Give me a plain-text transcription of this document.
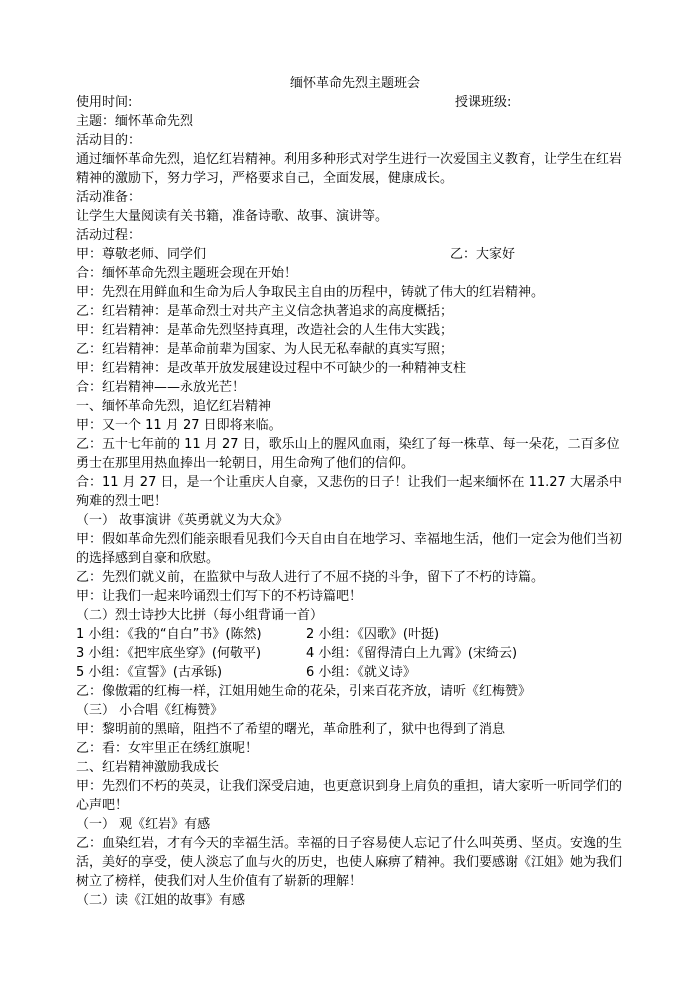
缅怀革命先烈主题班会
使用时间:	授课班级:
主题：缅怀革命先烈
活动目的：
通过缅怀革命先烈，追忆红岩精神。利用多种形式对学生进行一次爱国主义教育，让学生在红岩精神的激励下，努力学习，严格要求自己，全面发展，健康成长。
活动准备：
让学生大量阅读有关书籍，准备诗歌、故事、演讲等。
活动过程：
甲：尊敬老师、同学们	乙：大家好
合：缅怀革命先烈主题班会现在开始！
甲：先烈在用鲜血和生命为后人争取民主自由的历程中，铸就了伟大的红岩精神。
乙：红岩精神：是革命烈士对共产主义信念执著追求的高度概括；
甲：红岩精神：是革命先烈坚持真理，改造社会的人生伟大实践；
乙：红岩精神：是革命前辈为国家、为人民无私奉献的真实写照；
甲：红岩精神：是改革开放发展建设过程中不可缺少的一种精神支柱
合：红岩精神——永放光芒！
一、缅怀革命先烈，追忆红岩精神
甲：又一个 11 月 27 日即将来临。
乙：五十七年前的 11 月 27 日，歌乐山上的腥风血雨，染红了每一株草、每一朵花，二百多位勇士在那里用热血捧出一轮朝日，用生命殉了他们的信仰。
合：11 月 27 日，是一个让重庆人自豪，又悲伤的日子！让我们一起来缅怀在 11.27 大屠杀中殉难的烈士吧！
（一） 故事演讲《英勇就义为大众》
甲：假如革命先烈们能亲眼看见我们今天自由自在地学习、幸福地生活，他们一定会为他们当初的选择感到自豪和欣慰。
乙：先烈们就义前，在监狱中与敌人进行了不屈不挠的斗争，留下了不朽的诗篇。
甲：让我们一起来吟诵烈士们写下的不朽诗篇吧！
（二）烈士诗抄大比拼（每小组背诵一首）
1 小组：《我的“自白”书》(陈然)	2 小组：《囚歌》(叶挺)
3 小组：《把牢底坐穿》(何敬平)	4 小组：《留得清白上九霄》(宋绮云)
5 小组：《宣誓》(古承铄)	6 小组：《就义诗》
乙：像傲霜的红梅一样，江姐用她生命的花朵，引来百花齐放，请听《红梅赞》
（三） 小合唱《红梅赞》
甲：黎明前的黑暗，阻挡不了希望的曙光，革命胜利了，狱中也得到了消息
乙：看：女牢里正在绣红旗呢！
二、红岩精神激励我成长
甲：先烈们不朽的英灵，让我们深受启迪，也更意识到身上肩负的重担，请大家听一听同学们的心声吧！
（一） 观《红岩》有感
乙：血染红岩，才有今天的幸福生活。幸福的日子容易使人忘记了什么叫英勇、坚贞。安逸的生活，美好的享受，使人淡忘了血与火的历史，也使人麻痹了精神。我们要感谢《江姐》她为我们树立了榜样，使我们对人生价值有了崭新的理解！
（二）读《江姐的故事》有感
